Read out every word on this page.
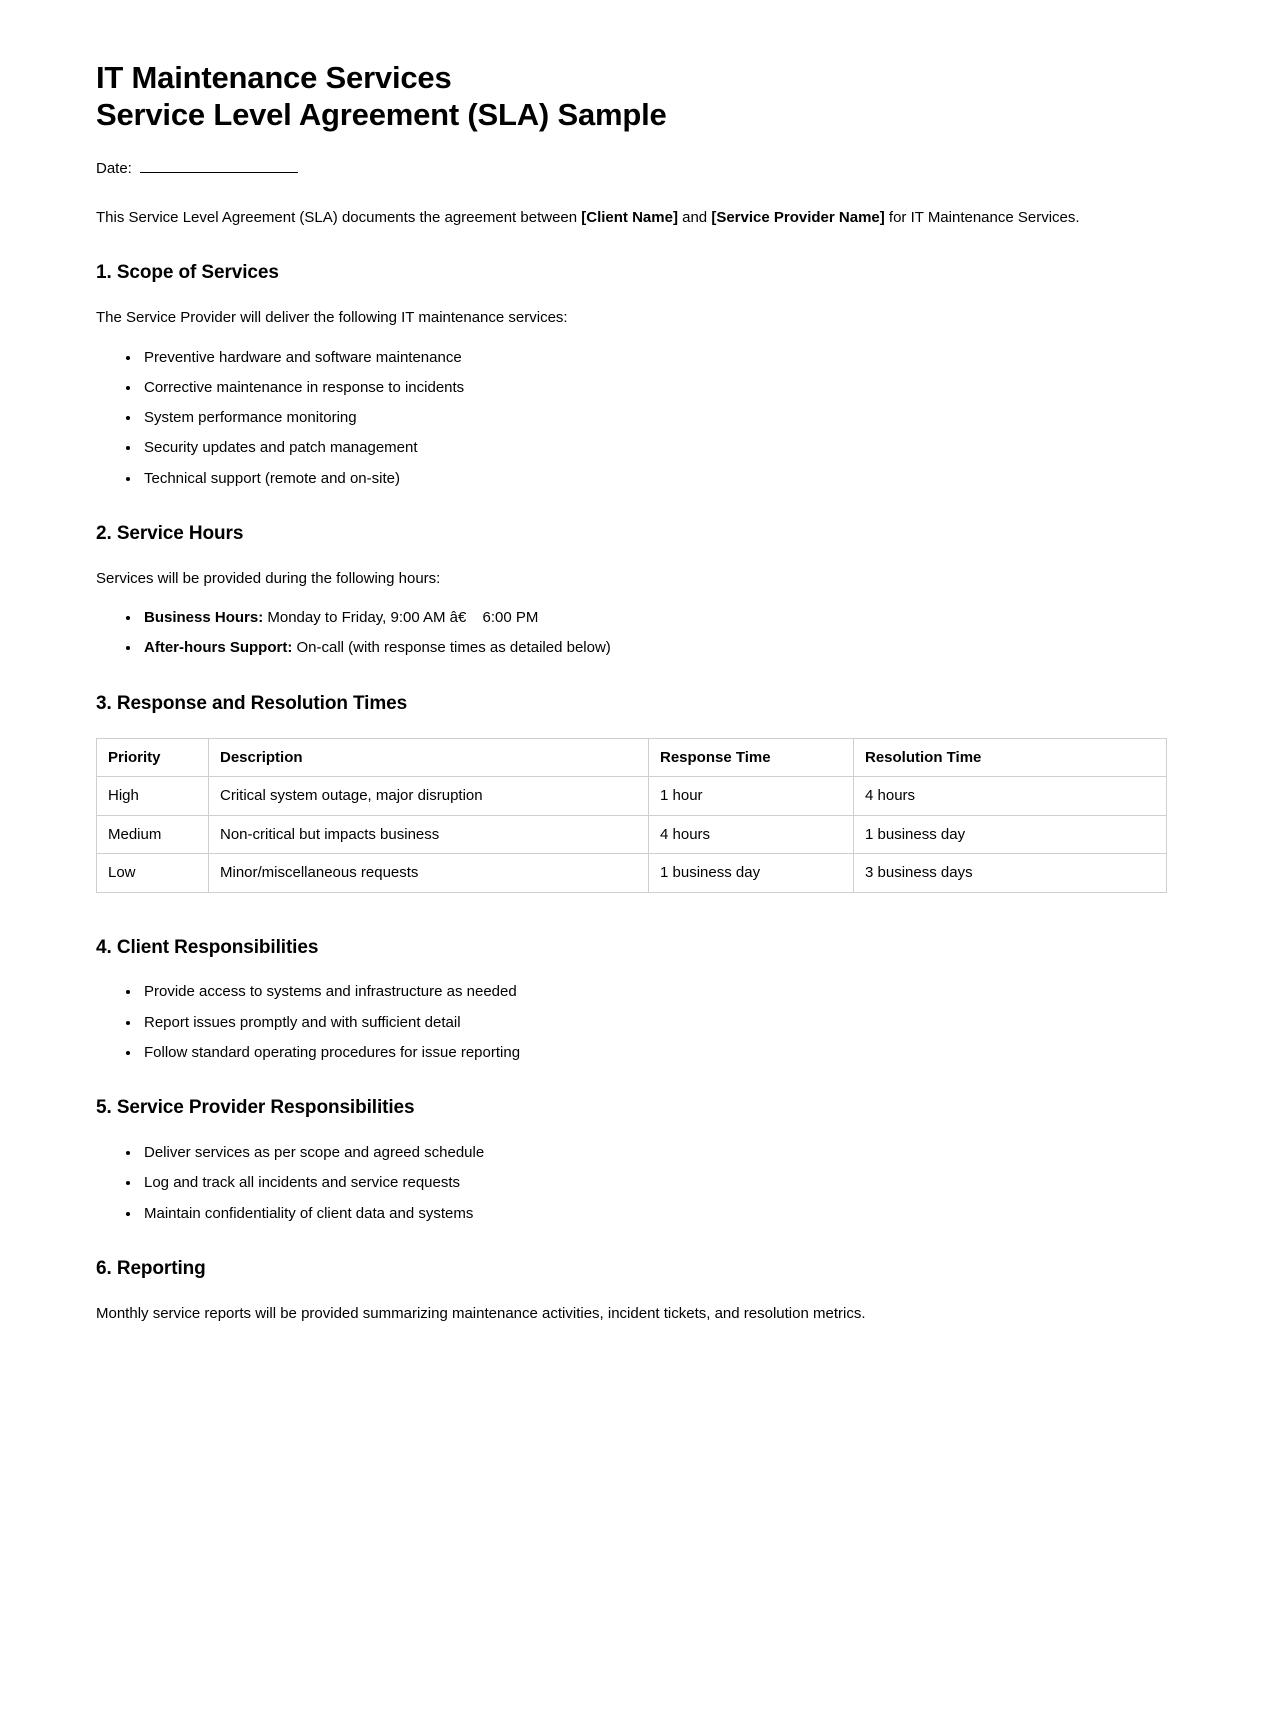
IT Maintenance Services
Service Level Agreement (SLA) Sample
Date:

This Service Level Agreement (SLA) documents the agreement between [Client Name] and [Service Provider Name] for IT Maintenance Services.

1. Scope of Services

The Service Provider will deliver the following IT maintenance services:

Preventive hardware and software maintenance
Corrective maintenance in response to incidents
System performance monitoring
Security updates and patch management
Technical support (remote and on-site)
2. Service Hours

Services will be provided during the following hours:

Business Hours: Monday to Friday, 9:00 AM â€ 6:00 PM
After-hours Support: On-call (with response times as detailed below)
3. Response and Resolution Times
Priority	Description	Response Time	Resolution Time
High	Critical system outage, major disruption	1 hour	4 hours
Medium	Non-critical but impacts business	4 hours	1 business day
Low	Minor/miscellaneous requests	1 business day	3 business days
4. Client Responsibilities
Provide access to systems and infrastructure as needed
Report issues promptly and with sufficient detail
Follow standard operating procedures for issue reporting
5. Service Provider Responsibilities
Deliver services as per scope and agreed schedule
Log and track all incidents and service requests
Maintain confidentiality of client data and systems
6. Reporting

Monthly service reports will be provided summarizing maintenance activities, incident tickets, and resolution metrics.
